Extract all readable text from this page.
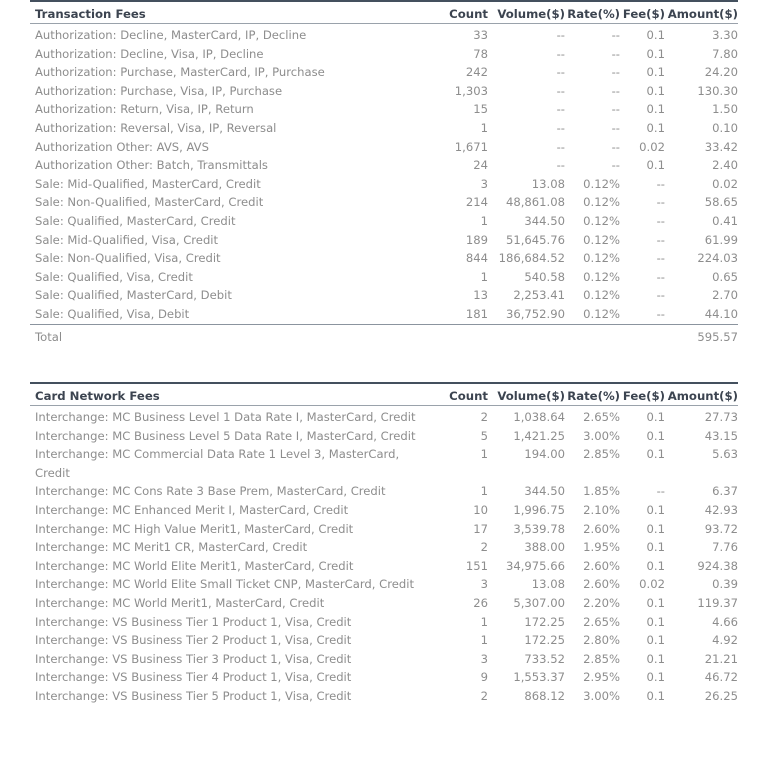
Transaction Fees	Count	Volume($)	Rate(%)	Fee($)	Amount($)
Authorization: Decline, MasterCard, IP, Decline	33	--	--	0.1	3.30
Authorization: Decline, Visa, IP, Decline	78	--	--	0.1	7.80
Authorization: Purchase, MasterCard, IP, Purchase	242	--	--	0.1	24.20
Authorization: Purchase, Visa, IP, Purchase	1,303	--	--	0.1	130.30
Authorization: Return, Visa, IP, Return	15	--	--	0.1	1.50
Authorization: Reversal, Visa, IP, Reversal	1	--	--	0.1	0.10
Authorization Other: AVS, AVS	1,671	--	--	0.02	33.42
Authorization Other: Batch, Transmittals	24	--	--	0.1	2.40
Sale: Mid-Qualified, MasterCard, Credit	3	13.08	0.12%	--	0.02
Sale: Non-Qualified, MasterCard, Credit	214	48,861.08	0.12%	--	58.65
Sale: Qualified, MasterCard, Credit	1	344.50	0.12%	--	0.41
Sale: Mid-Qualified, Visa, Credit	189	51,645.76	0.12%	--	61.99
Sale: Non-Qualified, Visa, Credit	844	186,684.52	0.12%	--	224.03
Sale: Qualified, Visa, Credit	1	540.58	0.12%	--	0.65
Sale: Qualified, MasterCard, Debit	13	2,253.41	0.12%	--	2.70
Sale: Qualified, Visa, Debit	181	36,752.90	0.12%	--	44.10
Total					595.57
Card Network Fees	Count	Volume($)	Rate(%)	Fee($)	Amount($)
Interchange: MC Business Level 1 Data Rate I, MasterCard, Credit	2	1,038.64	2.65%	0.1	27.73
Interchange: MC Business Level 5 Data Rate I, MasterCard, Credit	5	1,421.25	3.00%	0.1	43.15
Interchange: MC Commercial Data Rate 1 Level 3, MasterCard, Credit	1	194.00	2.85%	0.1	5.63
Interchange: MC Cons Rate 3 Base Prem, MasterCard, Credit	1	344.50	1.85%	--	6.37
Interchange: MC Enhanced Merit I, MasterCard, Credit	10	1,996.75	2.10%	0.1	42.93
Interchange: MC High Value Merit1, MasterCard, Credit	17	3,539.78	2.60%	0.1	93.72
Interchange: MC Merit1 CR, MasterCard, Credit	2	388.00	1.95%	0.1	7.76
Interchange: MC World Elite Merit1, MasterCard, Credit	151	34,975.66	2.60%	0.1	924.38
Interchange: MC World Elite Small Ticket CNP, MasterCard, Credit	3	13.08	2.60%	0.02	0.39
Interchange: MC World Merit1, MasterCard, Credit	26	5,307.00	2.20%	0.1	119.37
Interchange: VS Business Tier 1 Product 1, Visa, Credit	1	172.25	2.65%	0.1	4.66
Interchange: VS Business Tier 2 Product 1, Visa, Credit	1	172.25	2.80%	0.1	4.92
Interchange: VS Business Tier 3 Product 1, Visa, Credit	3	733.52	2.85%	0.1	21.21
Interchange: VS Business Tier 4 Product 1, Visa, Credit	9	1,553.37	2.95%	0.1	46.72
Interchange: VS Business Tier 5 Product 1, Visa, Credit	2	868.12	3.00%	0.1	26.25
